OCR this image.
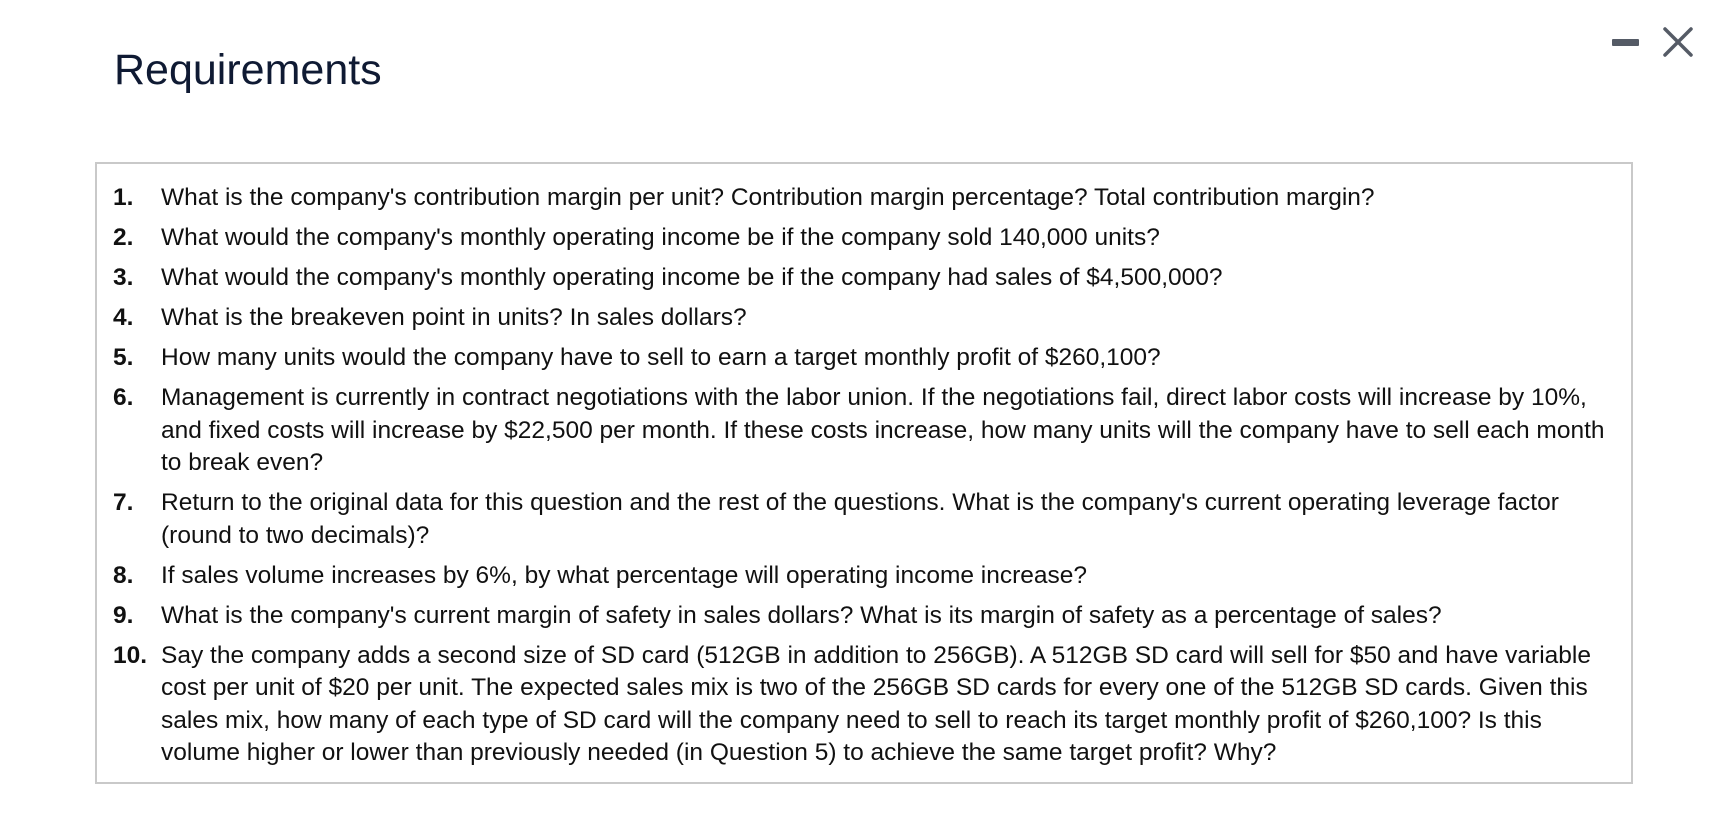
Requirements
1.	What is the company's contribution margin per unit? Contribution margin percentage? Total contribution margin?
2.	What would the company's monthly operating income be if the company sold 140,000 units?
3.	What would the company's monthly operating income be if the company had sales of $4,500,000?
4.	What is the breakeven point in units? In sales dollars?
5.	How many units would the company have to sell to earn a target monthly profit of $260,100?
6.	Management is currently in contract negotiations with the labor union. If the negotiations fail, direct labor costs will increase by 10%, and fixed costs will increase by $22,500 per month. If these costs increase, how many units will the company have to sell each month to break even?
7.	Return to the original data for this question and the rest of the questions. What is the company's current operating leverage factor (round to two decimals)?
8.	If sales volume increases by 6%, by what percentage will operating income increase?
9.	What is the company's current margin of safety in sales dollars? What is its margin of safety as a percentage of sales?
10. Say the company adds a second size of SD card (512GB in addition to 256GB). A 512GB SD card will sell for $50 and have variable cost per unit of $20 per unit. The expected sales mix is two of the 256GB SD cards for every one of the 512GB SD cards. Given this sales mix, how many of each type of SD card will the company need to sell to reach its target monthly profit of $260,100? Is this volume higher or lower than previously needed (in Question 5) to achieve the same target profit? Why?
